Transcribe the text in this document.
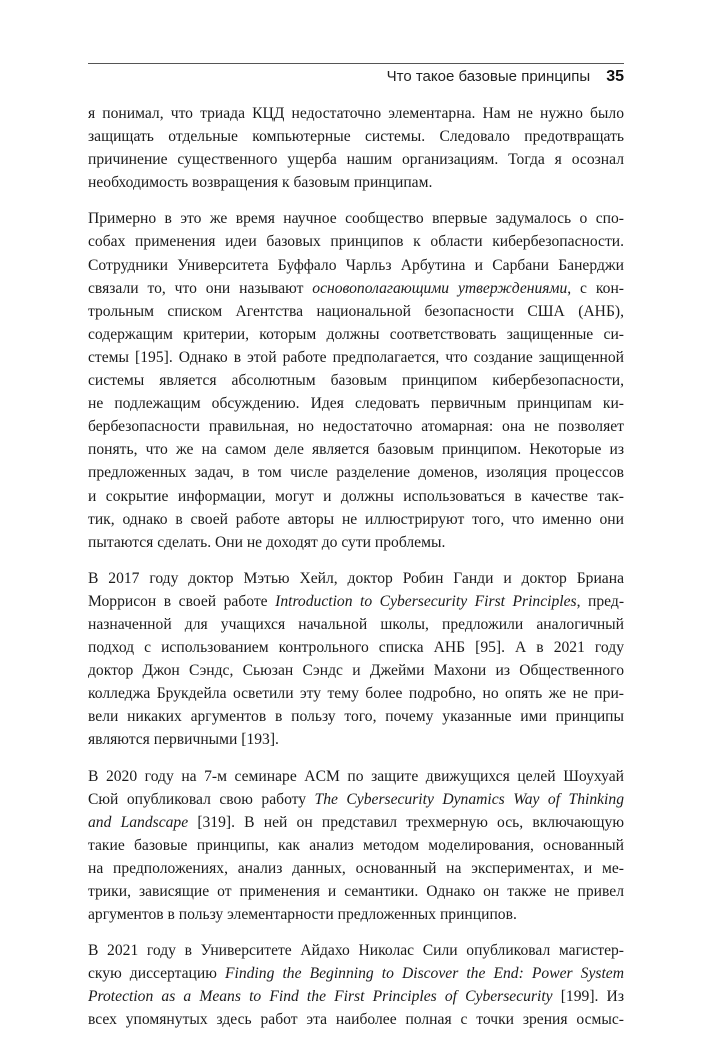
Что такое базовые принципы 35
я понимал, что триада КЦД недостаточно элементарна. Нам не нужно было
защищать отдельные компьютерные системы. Следовало предотвращать
причинение существенного ущерба нашим организациям. Тогда я осознал
необходимость возвращения к базовым принципам.
Примерно в это же время научное сообщество впервые задумалось о спо-
собах применения идеи базовых принципов к области кибербезопасности.
Сотрудники Университета Буффало Чарльз Арбутина и Сарбани Банерджи
связали то, что они называют основополагающими утверждениями, с кон-
трольным списком Агентства национальной безопасности США (АНБ),
содержащим критерии, которым должны соответствовать защищенные си-
стемы [195]. Однако в этой работе предполагается, что создание защищенной
системы является абсолютным базовым принципом кибербезопасности,
не подлежащим обсуждению. Идея следовать первичным принципам ки-
бербезопасности правильная, но недостаточно атомарная: она не позволяет
понять, что же на самом деле является базовым принципом. Некоторые из
предложенных задач, в том числе разделение доменов, изоляция процессов
и сокрытие информации, могут и должны использоваться в качестве так-
тик, однако в своей работе авторы не иллюстрируют того, что именно они
пытаются сделать. Они не доходят до сути проблемы.
В 2017 году доктор Мэтью Хейл, доктор Робин Ганди и доктор Бриана
Моррисон в своей работе Introduction to Cybersecurity First Principles, пред-
назначенной для учащихся начальной школы, предложили аналогичный
подход с использованием контрольного списка АНБ [95]. А в 2021 году
доктор Джон Сэндс, Сьюзан Сэндс и Джейми Махони из Общественного
колледжа Брукдейла осветили эту тему более подробно, но опять же не при-
вели никаких аргументов в пользу того, почему указанные ими принципы
являются первичными [193].
В 2020 году на 7-м семинаре ACM по защите движущихся целей Шоухуай
Сюй опубликовал свою работу The Cybersecurity Dynamics Way of Thinking
and Landscape [319]. В ней он представил трехмерную ось, включающую
такие базовые принципы, как анализ методом моделирования, основанный
на предположениях, анализ данных, основанный на экспериментах, и ме-
трики, зависящие от применения и семантики. Однако он также не привел
аргументов в пользу элементарности предложенных принципов.
В 2021 году в Университете Айдахо Николас Сили опубликовал магистер-
скую диссертацию Finding the Beginning to Discover the End: Power System
Protection as a Means to Find the First Principles of Cybersecurity [199]. Из
всех упомянутых здесь работ эта наиболее полная с точки зрения осмыс-
